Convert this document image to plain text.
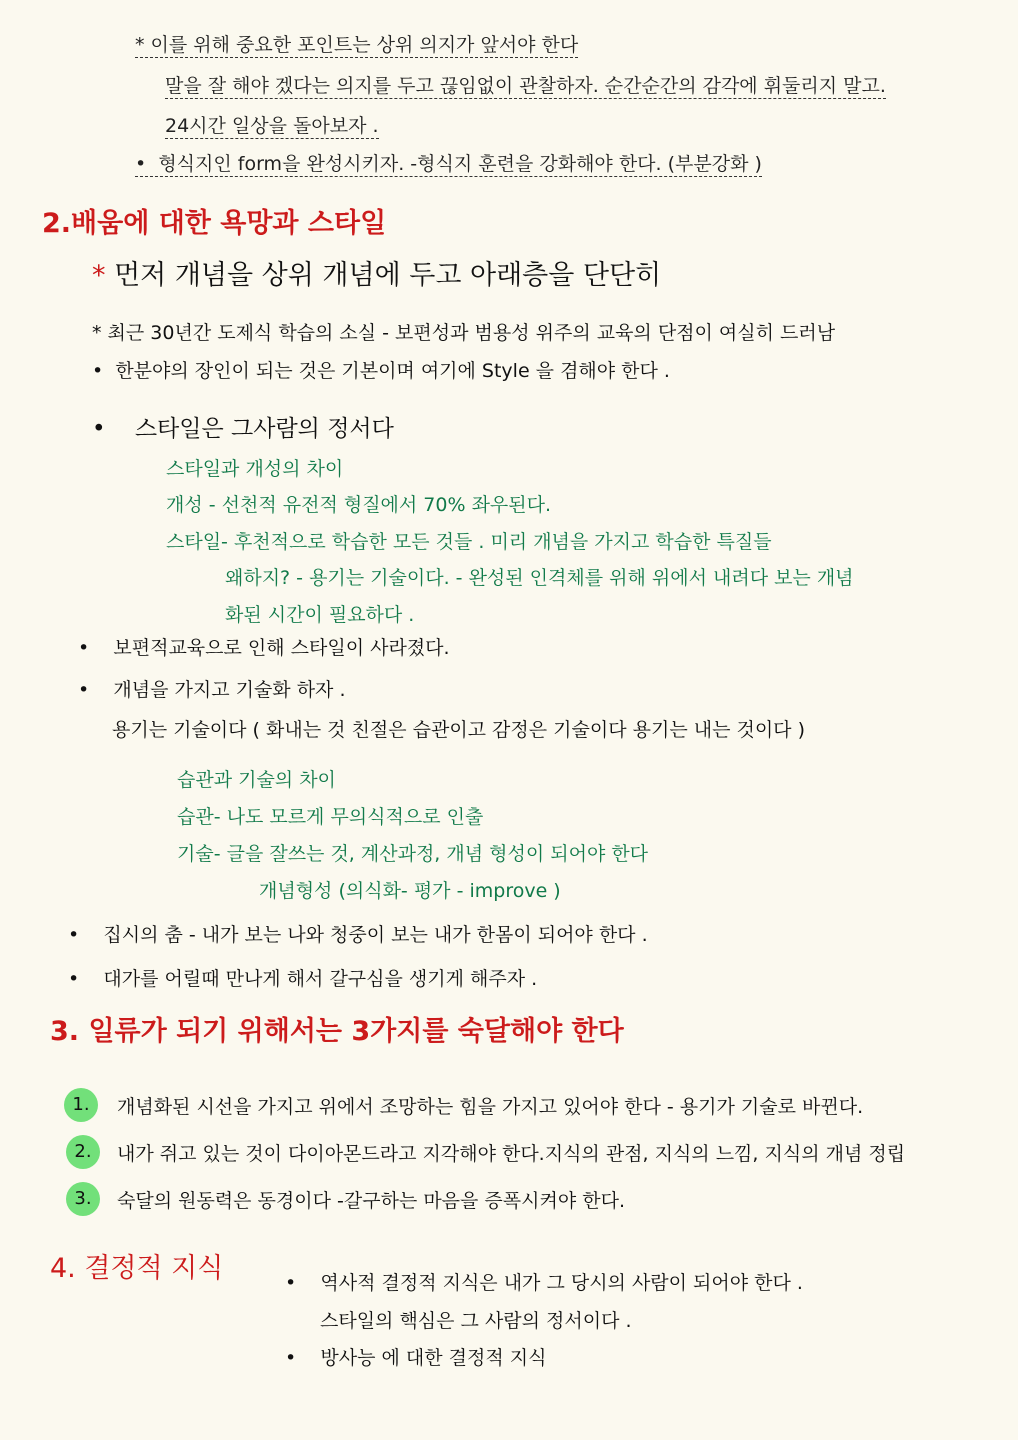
* 이를 위해 중요한 포인트는 상위 의지가 앞서야 한다
말을 잘 해야 겠다는 의지를 두고 끊임없이 관찰하자. 순간순간의 감각에 휘둘리지 말고.
24시간 일상을 돌아보자 .
• 형식지인 form을 완성시키자. -형식지 훈련을 강화해야 한다. (부분강화 )
2.배움에 대한 욕망과 스타일
* 먼저 개념을 상위 개념에 두고 아래층을 단단히
* 최근 30년간 도제식 학습의 소실 - 보편성과 범용성 위주의 교육의 단점이 여실히 드러남
• 한분야의 장인이 되는 것은 기본이며 여기에 Style 을 겸해야 한다 .
• 스타일은 그사람의 정서다
스타일과 개성의 차이
개성 - 선천적 유전적 형질에서 70% 좌우된다.
스타일- 후천적으로 학습한 모든 것들 . 미리 개념을 가지고 학습한 특질들
왜하지? - 용기는 기술이다. - 완성된 인격체를 위해 위에서 내려다 보는 개념
화된 시간이 필요하다 .
• 보편적교육으로 인해 스타일이 사라졌다.
• 개념을 가지고 기술화 하자 .
용기는 기술이다 ( 화내는 것 친절은 습관이고 감정은 기술이다 용기는 내는 것이다 )
습관과 기술의 차이
습관- 나도 모르게 무의식적으로 인출
기술- 글을 잘쓰는 것, 계산과정, 개념 형성이 되어야 한다
개념형성 (의식화- 평가 - improve )
• 집시의 춤 - 내가 보는 나와 청중이 보는 내가 한몸이 되어야 한다 .
• 대가를 어릴때 만나게 해서 갈구심을 생기게 해주자 .
3. 일류가 되기 위해서는 3가지를 숙달해야 한다
1.	개념화된 시선을 가지고 위에서 조망하는 힘을 가지고 있어야 한다 - 용기가 기술로 바뀐다.
2.	내가 쥐고 있는 것이 다이아몬드라고 지각해야 한다.지식의 관점, 지식의 느낌, 지식의 개념 정립
3.	숙달의 원동력은 동경이다 -갈구하는 마음을 증폭시켜야 한다.
4. 결정적 지식	• 역사적 결정적 지식은 내가 그 당시의 사람이 되어야 한다 .
스타일의 핵심은 그 사람의 정서이다 .
• 방사능 에 대한 결정적 지식
